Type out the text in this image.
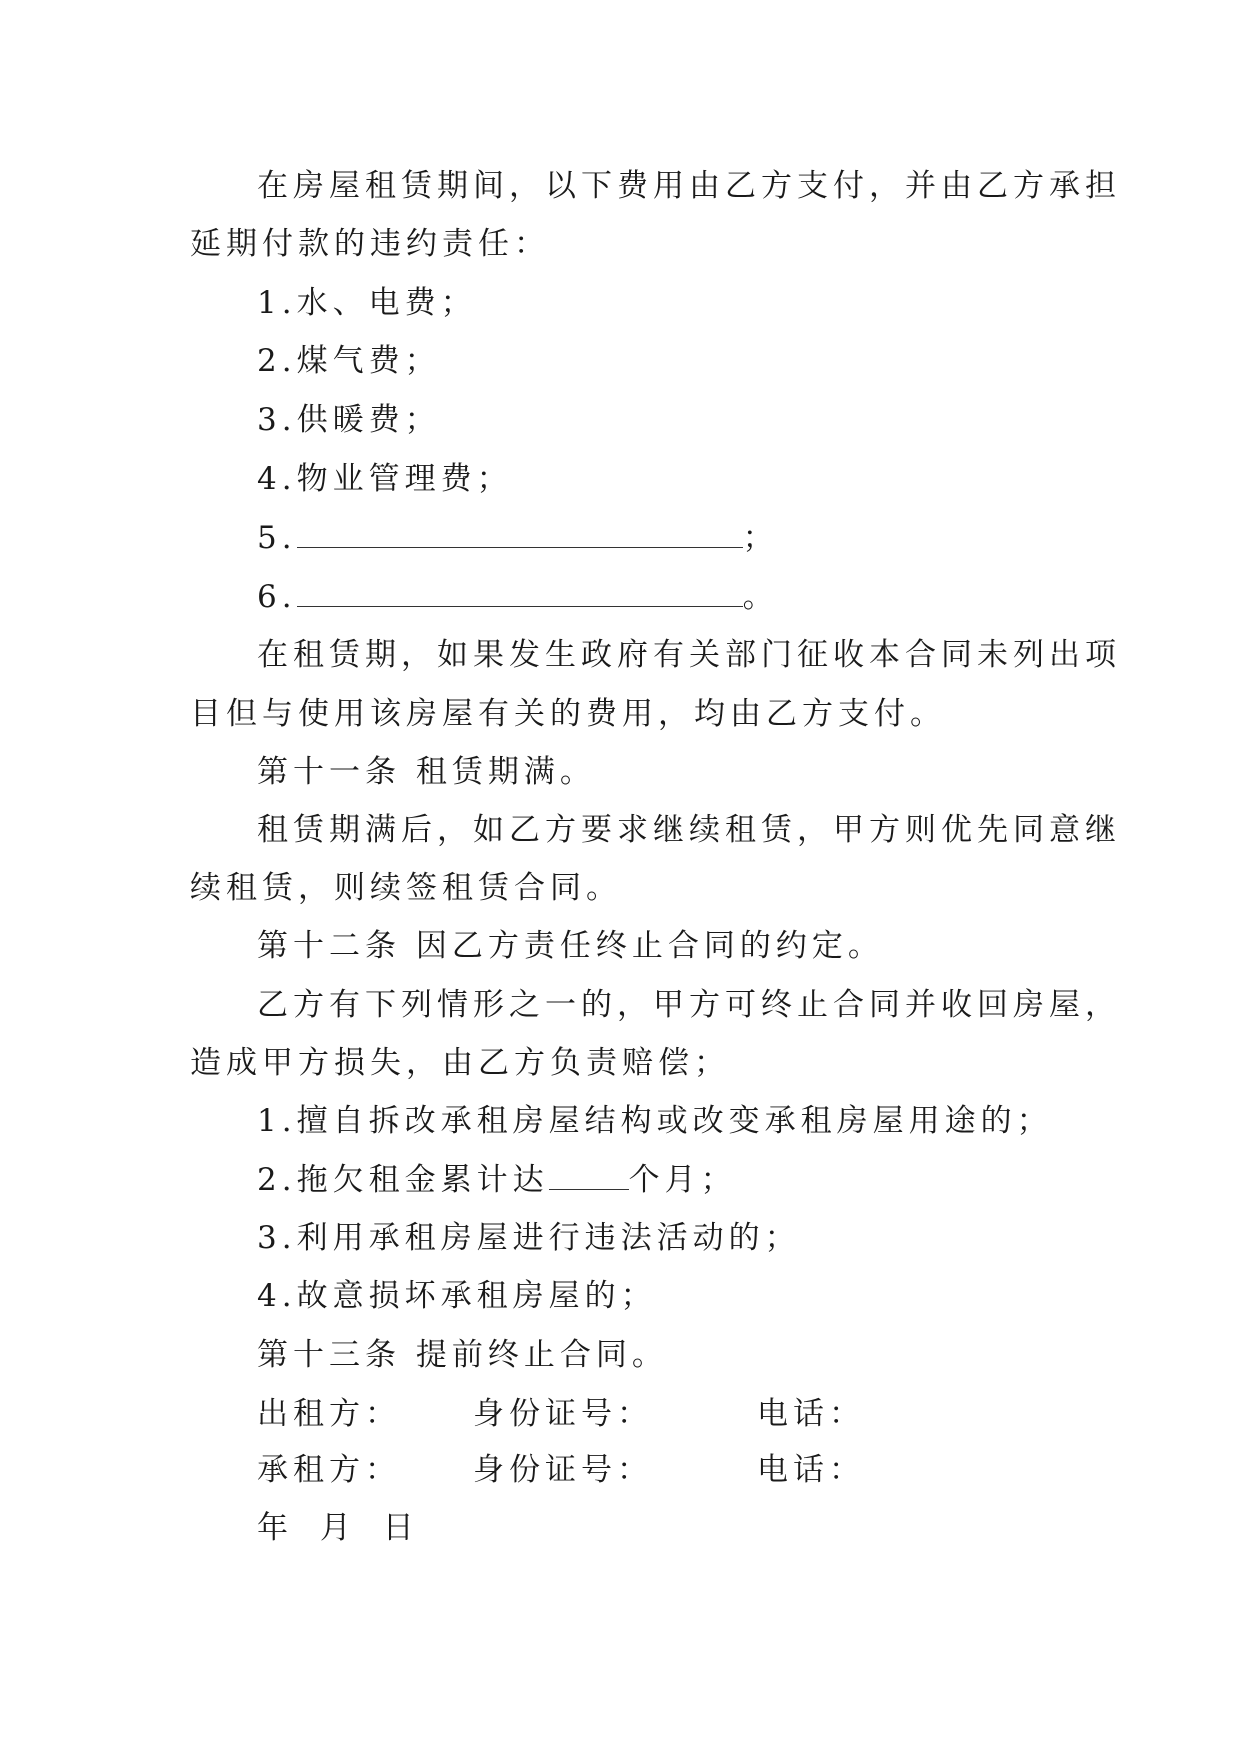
在房屋租赁期间，以下费用由乙方支付，并由乙方承担
延期付款的违约责任：
1.水、电费；
2.煤气费；
3.供暖费；
4.物业管理费；
5.	；
6.	。
在租赁期，如果发生政府有关部门征收本合同未列出项
目但与使用该房屋有关的费用，均由乙方支付。
第十一条 租赁期满。
租赁期满后，如乙方要求继续租赁，甲方则优先同意继
续租赁，则续签租赁合同。
第十二条 因乙方责任终止合同的约定。
乙方有下列情形之一的，甲方可终止合同并收回房屋，
造成甲方损失，由乙方负责赔偿；
1.擅自拆改承租房屋结构或改变承租房屋用途的；
2.拖欠租金累计达	个月；
3.利用承租房屋进行违法活动的；
4.故意损坏承租房屋的；
第十三条 提前终止合同。
出租方： 身份证号：	电话：
承租方： 身份证号：	电话：
年 月 日
